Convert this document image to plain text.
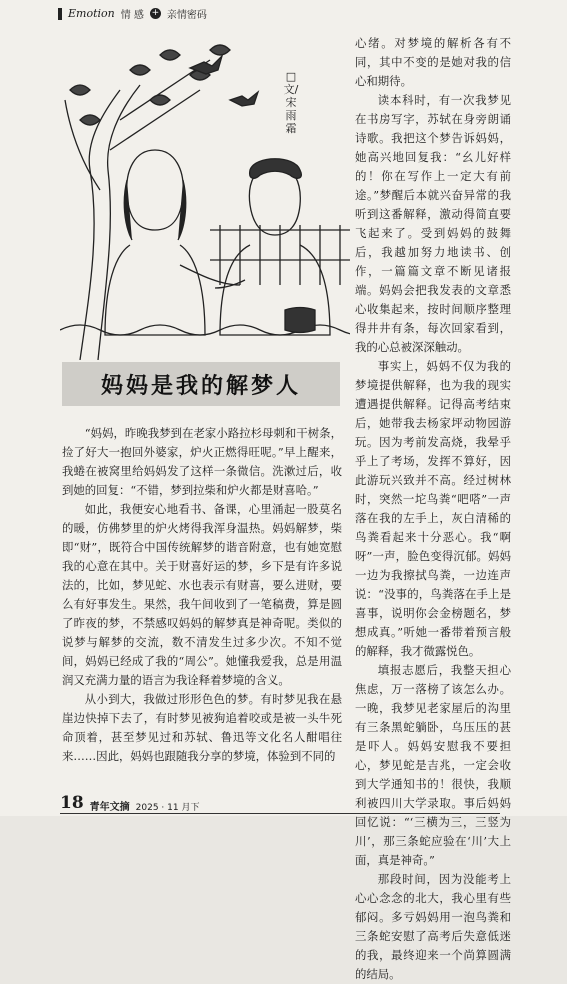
Emotion 情 感 + 亲情密码
□ 文/宋雨霜
妈妈是我的解梦人

心绪。对梦境的解析各有不同，其中不变的是她对我的信心和期待。

读本科时，有一次我梦见在书房写字，苏轼在身旁朗诵诗歌。我把这个梦告诉妈妈，她高兴地回复我：“幺儿好样的！你在写作上一定大有前途。”梦醒后本就兴奋异常的我听到这番解释，激动得简直要飞起来了。受到妈妈的鼓舞后，我越加努力地读书、创作，一篇篇文章不断见诸报端。妈妈会把我发表的文章悉心收集起来，按时间顺序整理得井井有条，每次回家看到，我的心总被深深触动。

事实上，妈妈不仅为我的梦境提供解释，也为我的现实遭遇提供解释。记得高考结束后，她带我去杨家坪动物园游玩。因为考前发高烧，我晕乎乎上了考场，发挥不算好，因此游玩兴致并不高。经过树林时，突然一坨鸟粪“吧嗒”一声落在我的左手上，灰白清稀的鸟粪看起来十分恶心。我“啊呀”一声，脸色变得沉郁。妈妈一边为我擦拭鸟粪，一边连声说：“没事的，鸟粪落在手上是喜事，说明你会金榜题名，梦想成真。”听她一番带着预言般的解释，我才微露悦色。

填报志愿后，我整天担心焦虑，万一落榜了该怎么办。一晚，我梦见老家屋后的沟里有三条黑蛇躺卧，乌压压的甚是吓人。妈妈安慰我不要担心，梦见蛇是吉兆，一定会收到大学通知书的！很快，我顺利被四川大学录取。事后妈妈回忆说：“‘三横为三，三竖为川’，那三条蛇应验在‘川’大上面，真是神奇。”

那段时间，因为没能考上心心念念的北大，我心里有些郁闷。多亏妈妈用一泡鸟粪和三条蛇安慰了高考后失意低迷的我，最终迎来一个尚算圆满的结局。

“妈妈，昨晚我梦到在老家小路拉杉母刺和干树条，捡了好大一抱回外婆家，炉火正燃得旺呢。”早上醒来，我蜷在被窝里给妈妈发了这样一条微信。洗漱过后，收到她的回复：“不错，梦到拉柴和炉火都是财喜哈。”

如此，我便安心地看书、备课，心里涌起一股莫名的暖，仿佛梦里的炉火烤得我浑身温热。妈妈解梦，柴即“财”，既符合中国传统解梦的谐音附意，也有她宽慰我的心意在其中。关于财喜好运的梦，乡下是有许多说法的，比如，梦见蛇、水也表示有财喜，要么进财，要么有好事发生。果然，我午间收到了一笔稿费，算是圆了昨夜的梦，不禁感叹妈妈的解梦真是神奇呢。类似的说梦与解梦的交流，数不清发生过多少次。不知不觉间，妈妈已经成了我的“周公”。她懂我爱我，总是用温润又充满力量的语言为我诠释着梦境的含义。

从小到大，我做过形形色色的梦。有时梦见我在悬崖边快掉下去了，有时梦见被狗追着咬或是被一头牛死命顶着，甚至梦见过和苏轼、鲁迅等文化名人酣唱往来……因此，妈妈也跟随我分享的梦境，体验到不同的

18 青年文摘 2025 · 11 月下
